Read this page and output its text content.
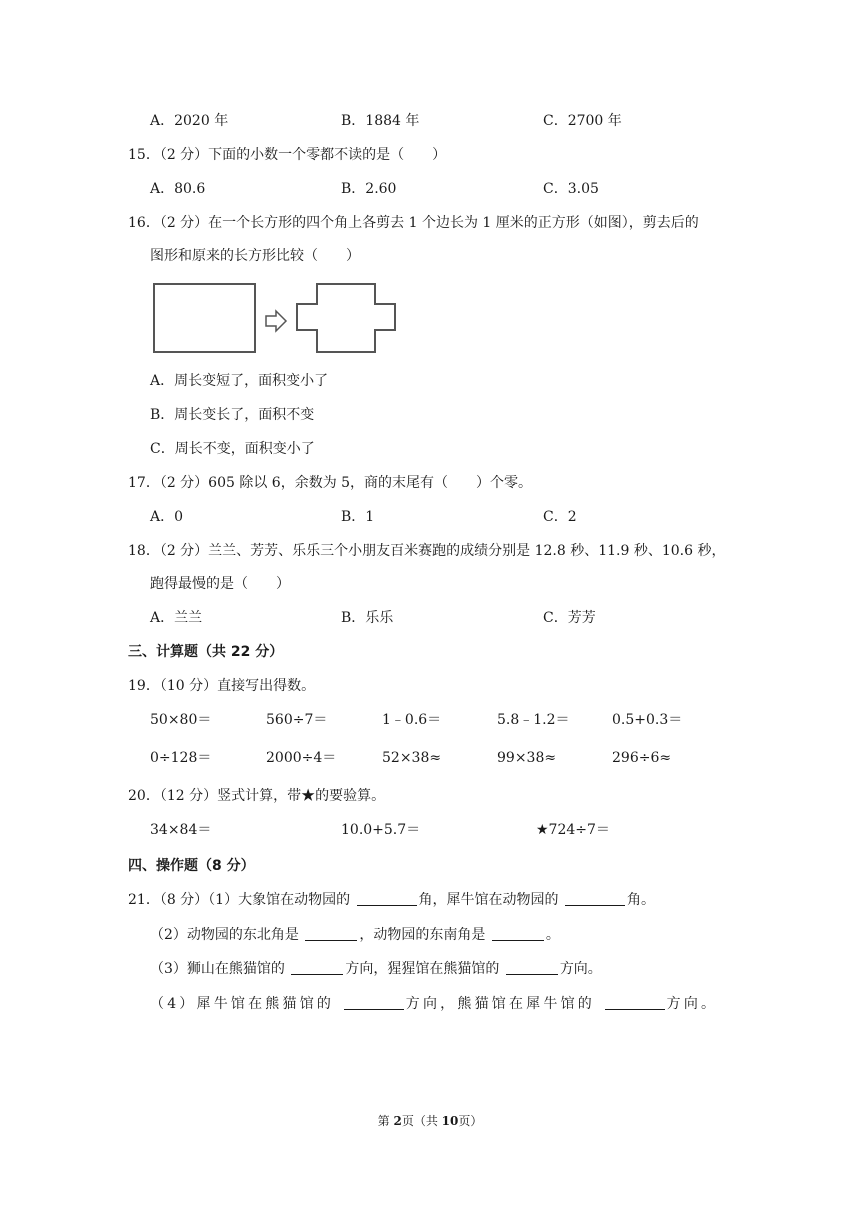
A．2020 年	B．1884 年	C．2700 年
15．（2 分）下面的小数一个零都不读的是（　　）
A．80.6	B．2.60	C．3.05
16．（2 分）在一个长方形的四个角上各剪去 1 个边长为 1 厘米的正方形（如图），剪去后的
图形和原来的长方形比较（　　）
A．周长变短了，面积变小了
B．周长变长了，面积不变
C．周长不变，面积变小了
17．（2 分）605 除以 6，余数为 5，商的末尾有（　　）个零。
A．0	B．1	C．2
18．（2 分）兰兰、芳芳、乐乐三个小朋友百米赛跑的成绩分别是 12.8 秒、11.9 秒、10.6 秒，
跑得最慢的是（　　）
A．兰兰	B．乐乐	C．芳芳
三、计算题（共 22 分）
19．（10 分）直接写出得数。
50×80＝	560÷7＝	1﹣0.6＝	5.8﹣1.2＝	0.5+0.3＝
0÷128＝	2000÷4＝	52×38≈	99×38≈	296÷6≈
20．（12 分）竖式计算，带★的要验算。
34×84＝	10.0+5.7＝	★724÷7＝
四、操作题（8 分）
21．（8 分）（1）大象馆在动物园的	角，犀牛馆在动物园的	角。
（2）动物园的东北角是	，动物园的东南角是	。
（3）狮山在熊猫馆的	方向，猩猩馆在熊猫馆的	方向。
（4）犀牛馆在熊猫馆的	方向，熊猫馆在犀牛馆的	方向。
第 2页（共 10页）
